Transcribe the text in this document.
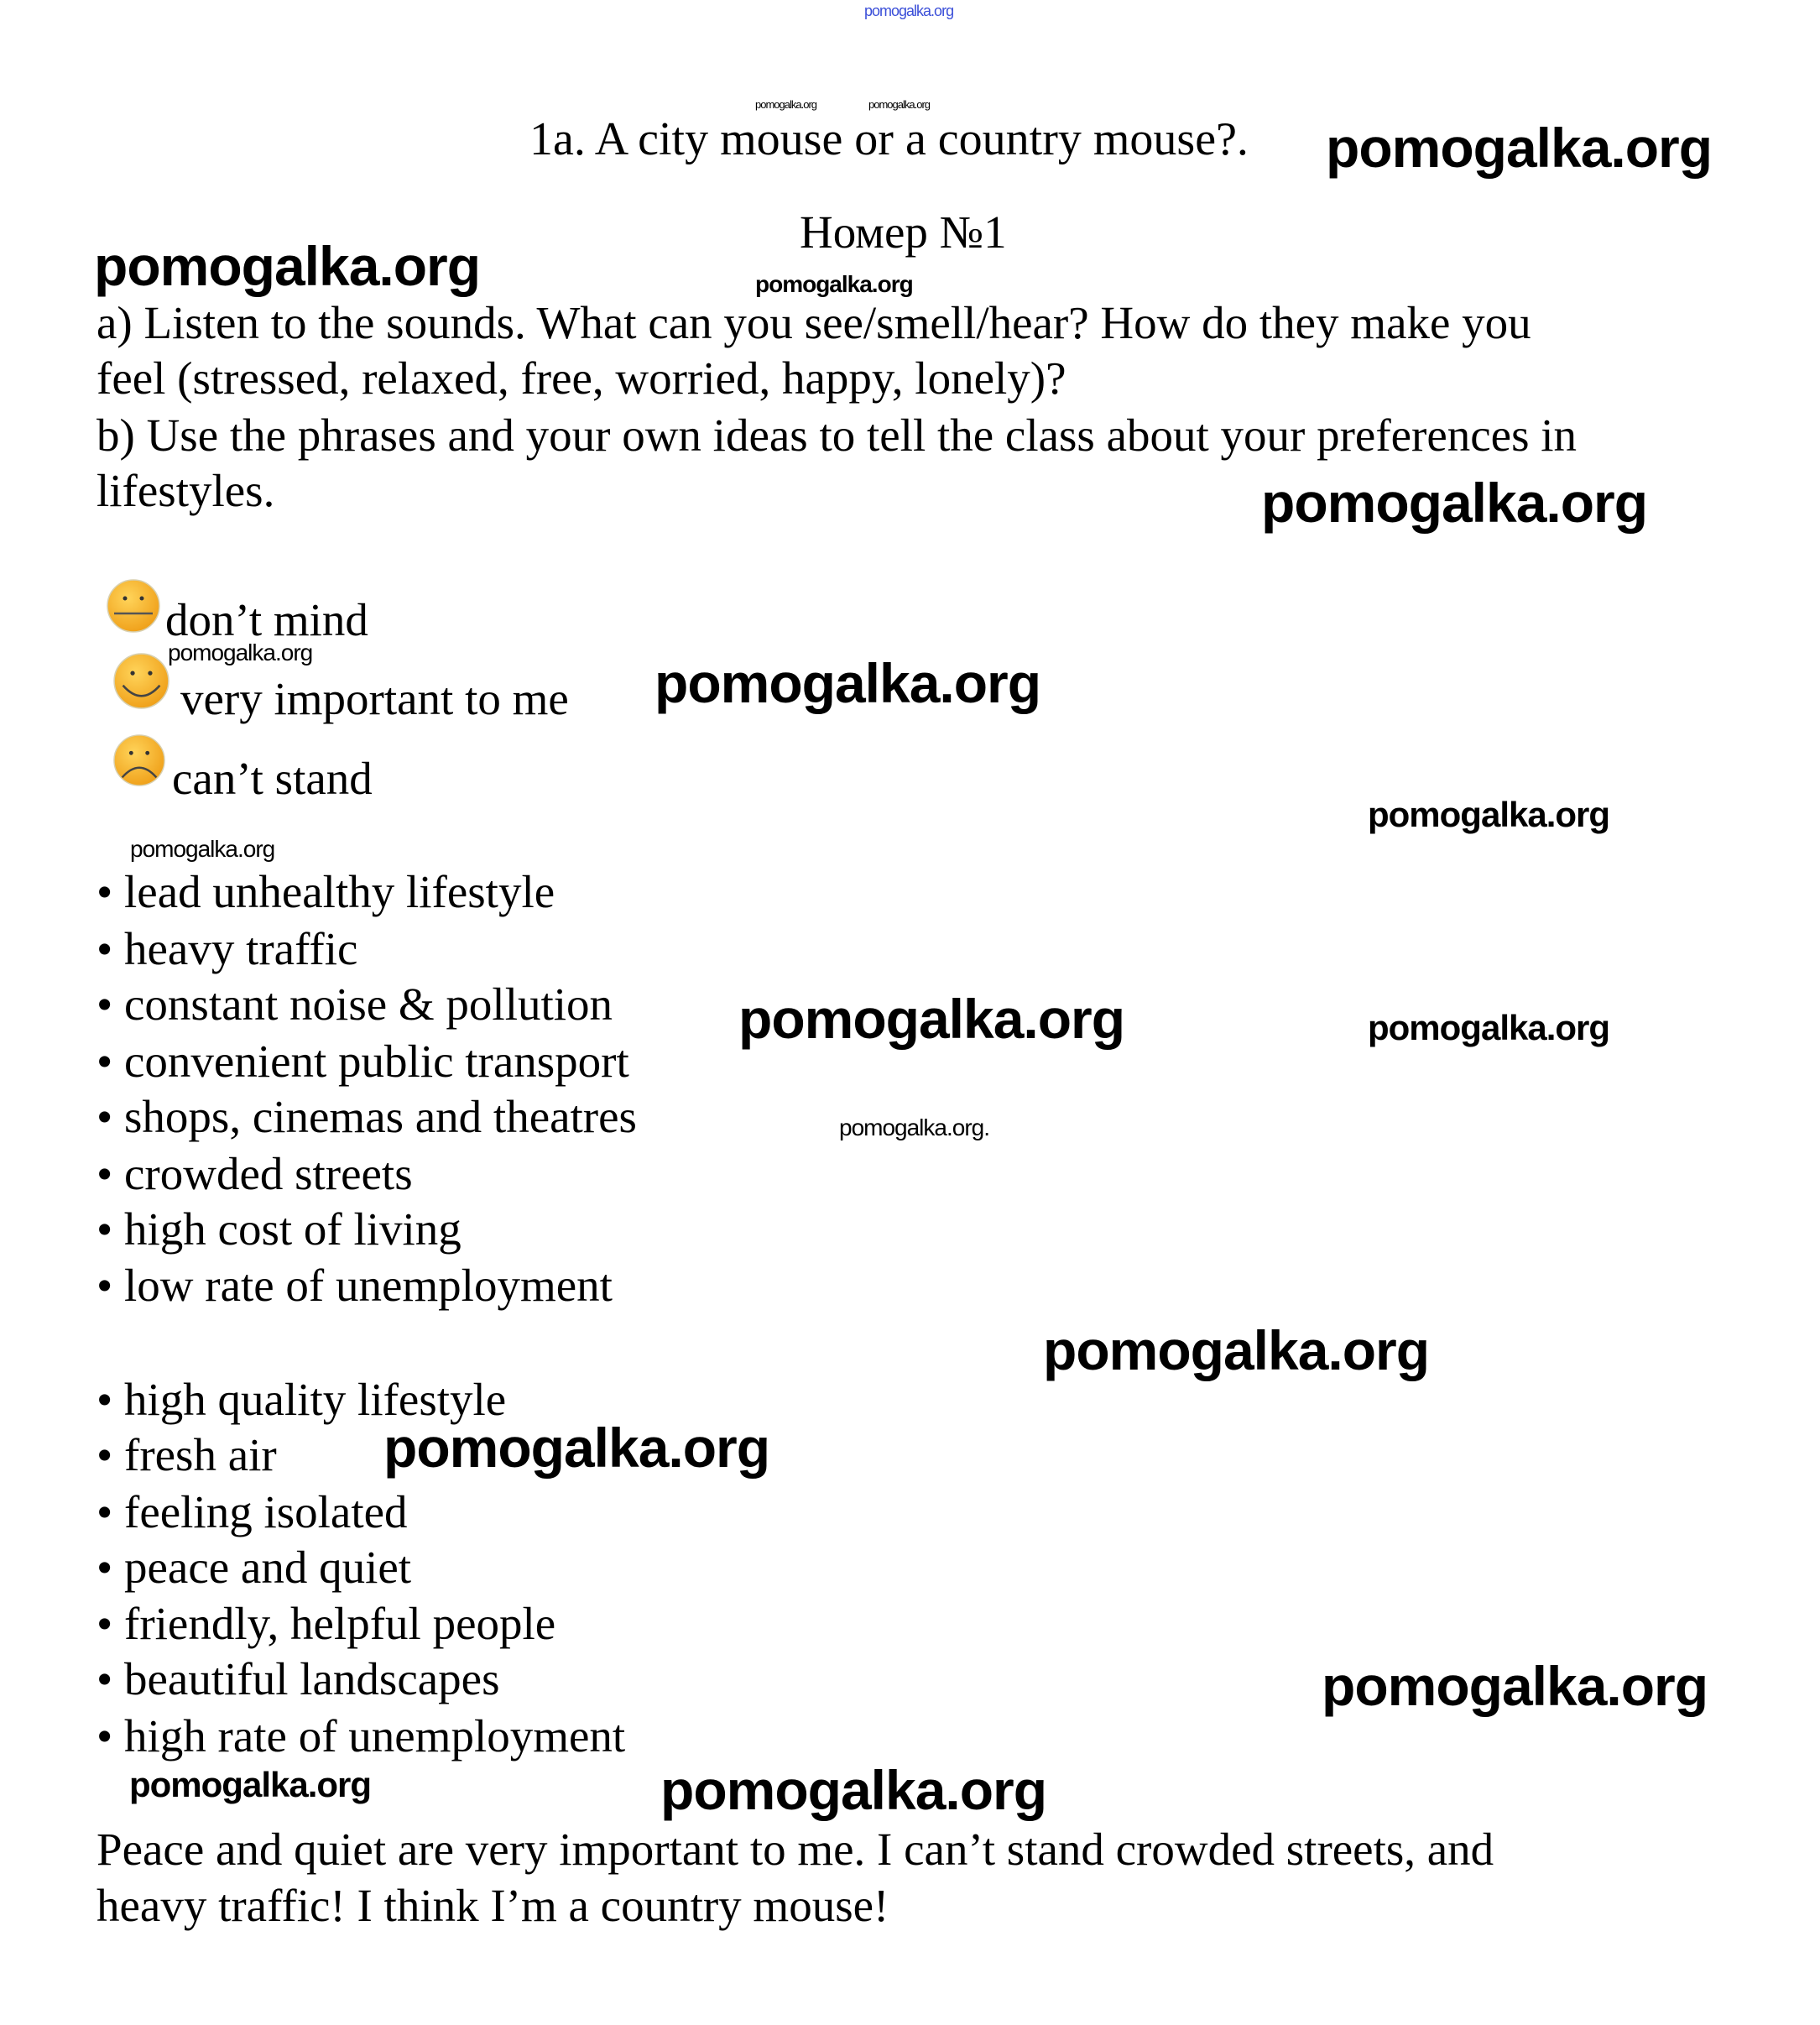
pomogalka.org
pomogalka.org	pomogalka.org
pomogalka.org
pomogalka.org	pomogalka.org
pomogalka.org
pomogalka.org	pomogalka.org
pomogalka.org
pomogalka.org
pomogalka.org	pomogalka.org
pomogalka.org.
pomogalka.org
pomogalka.org
pomogalka.org
pomogalka.org	pomogalka.org
1a. A city mouse or a country mouse?.
Номер №1
a) Listen to the sounds. What can you see/smell/hear? How do they make you
feel (stressed, relaxed, free, worried, happy, lonely)?
b) Use the phrases and your own ideas to tell the class about your preferences in
lifestyles.
don’t mind
very important to me
can’t stand
• lead unhealthy lifestyle
• heavy traffic
• constant noise & pollution
• convenient public transport
• shops, cinemas and theatres
• crowded streets
• high cost of living
• low rate of unemployment
• high quality lifestyle
• fresh air
• feeling isolated
• peace and quiet
• friendly, helpful people
• beautiful landscapes
• high rate of unemployment
Peace and quiet are very important to me. I can’t stand crowded streets, and
heavy traffic! I think I’m a country mouse!
